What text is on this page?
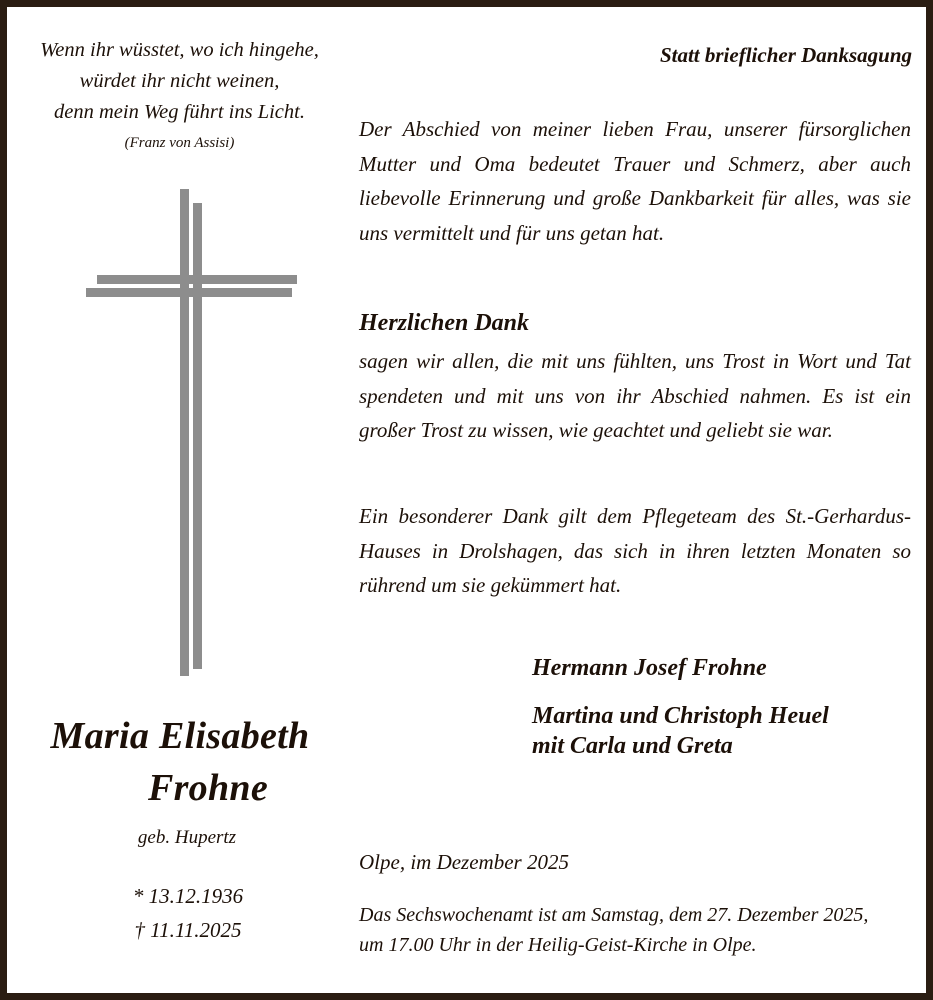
Wenn ihr wüsstet, wo ich hingehe,
würdet ihr nicht weinen,
denn mein Weg führt ins Licht.
(Franz von Assisi)
Maria Elisabeth
Frohne
geb. Hupertz
* 13.12.1936
† 11.11.2025
Statt brieflicher Danksagung
Der Abschied von meiner lieben Frau, unserer fürsorglichen Mutter und Oma bedeutet Trauer und Schmerz, aber auch liebevolle Erinnerung und große Dankbarkeit für alles, was sie uns vermittelt und für uns getan hat.
Herzlichen Dank
sagen wir allen, die mit uns fühlten, uns Trost in Wort und Tat spendeten und mit uns von ihr Abschied nahmen. Es ist ein großer Trost zu wissen, wie geachtet und geliebt sie war.
Ein besonderer Dank gilt dem Pflegeteam des St.-Gerhardus-Hauses in Drolshagen, das sich in ihren letzten Monaten so rührend um sie gekümmert hat.
Hermann Josef Frohne
Martina und Christoph Heuel
mit Carla und Greta
Olpe, im Dezember 2025
Das Sechswochenamt ist am Samstag, dem 27. Dezember 2025,
um 17.00 Uhr in der Heilig-Geist-Kirche in Olpe.
